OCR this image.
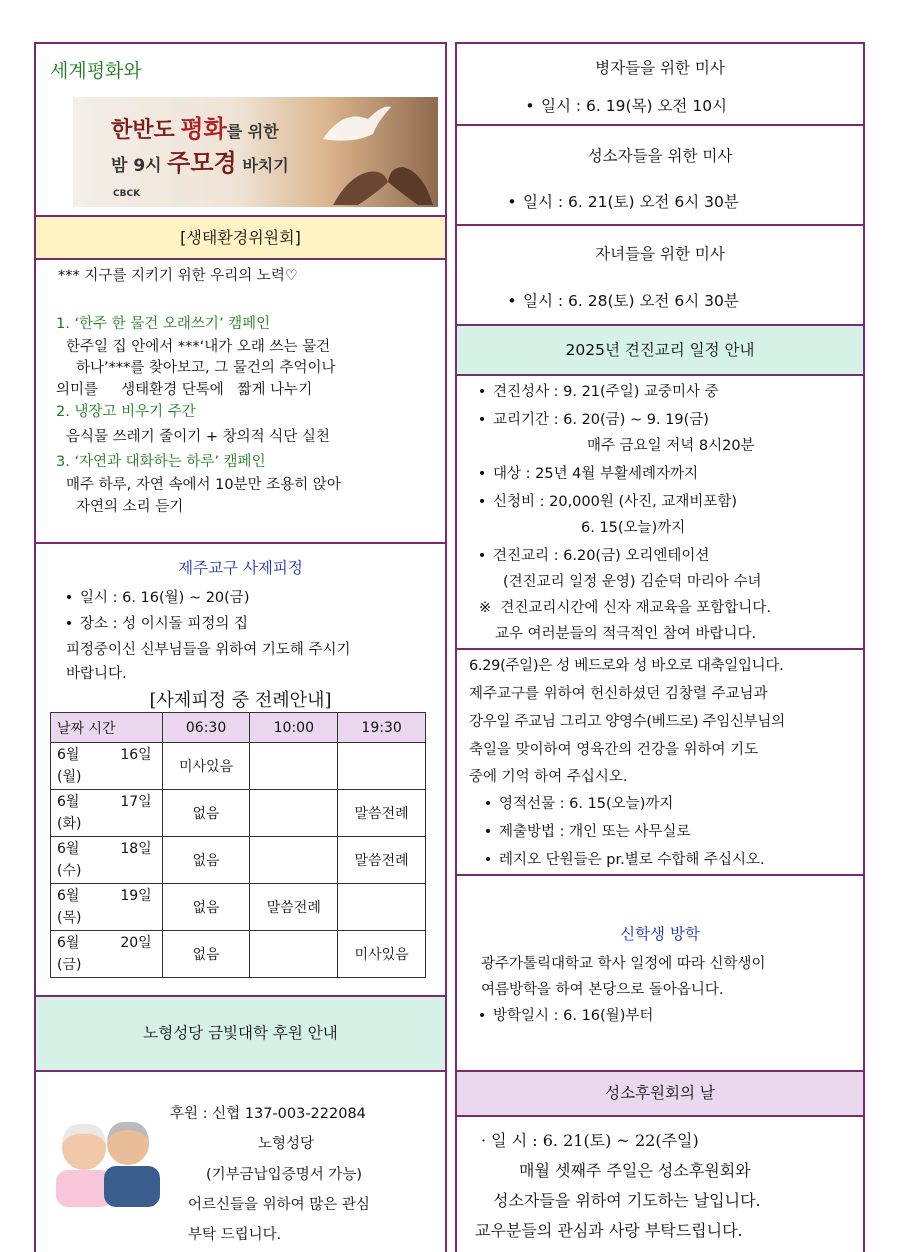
세계평화와
한반도 평화를 위한
밤 9시 주모경 바치기
CBCK
[생태환경위원회]
*** 지구를 지키기 위한 우리의 노력♡
1. ‘한주 한 물건 오래쓰기’ 캠페인
한주일 집 안에서 ***‘내가 오래 쓰는 물건
하나’***를 찾아보고, 그 물건의 추억이나
의미를     생태환경 단톡에   짧게 나누기
2. 냉장고 비우기 주간
음식물 쓰레기 줄이기 + 창의적 식단 실천
3. ‘자연과 대화하는 하루’ 캠페인
매주 하루, 자연 속에서 10분만 조용히 앉아
자연의 소리 듣기
제주교구 사제피정
• 일시 : 6. 16(월) ~ 20(금)
• 장소 : 성 이시돌 피정의 집
피정중이신 신부님들을 위하여 기도해 주시기
바랍니다.
[사제피정 중 전례안내]
날짜 시간	06:30	10:00	19:30

6월 16일
(월)	미사있음		

6월 17일
(화)	없음		말씀전례

6월 18일
(수)	없음		말씀전례

6월 19일
(목)	없음	말씀전례	

6월 20일
(금)	없음		미사있음
노형성당 금빛대학 후원 안내
후원 : 신협 137-003-222084
노형성당
(기부금납입증명서 가능)
어르신들을 위하여 많은 관심
부탁 드립니다.
병자들을 위한 미사
• 일시 : 6. 19(목) 오전 10시
성소자들을 위한 미사
• 일시 : 6. 21(토) 오전 6시 30분
자녀들을 위한 미사
• 일시 : 6. 28(토) 오전 6시 30분
2025년 견진교리 일정 안내
• 견진성사 : 9. 21(주일) 교중미사 중
• 교리기간 : 6. 20(금) ~ 9. 19(금)
매주 금요일 저녁 8시20분
• 대상 : 25년 4월 부활세례자까지
• 신청비 : 20,000원 (사진, 교재비포함)
6. 15(오늘)까지
• 견진교리 : 6.20(금) 오리엔테이션
(견진교리 일정 운영) 김순덕 마리아 수녀
※  견진교리시간에 신자 재교육을 포함합니다.
교우 여러분들의 적극적인 참여 바랍니다.
6.29(주일)은 성 베드로와 성 바오로 대축일입니다.
제주교구를 위하여 헌신하셨던 김창렬 주교님과
강우일 주교님 그리고 양영수(베드로) 주임신부님의
축일을 맞이하여 영육간의 건강을 위하여 기도
중에 기억 하여 주십시오.
• 영적선물 : 6. 15(오늘)까지
• 제출방법 : 개인 또는 사무실로
• 레지오 단원들은 pr.별로 수합해 주십시오.
신학생 방학
광주가톨릭대학교 학사 일정에 따라 신학생이
여름방학을 하여 본당으로 돌아옵니다.
• 방학일시 : 6. 16(월)부터
성소후원회의 날
· 일 시 : 6. 21(토) ~ 22(주일)
매월 셋째주 주일은 성소후원회와
성소자들을 위하여 기도하는 날입니다.
교우분들의 관심과 사랑 부탁드립니다.
